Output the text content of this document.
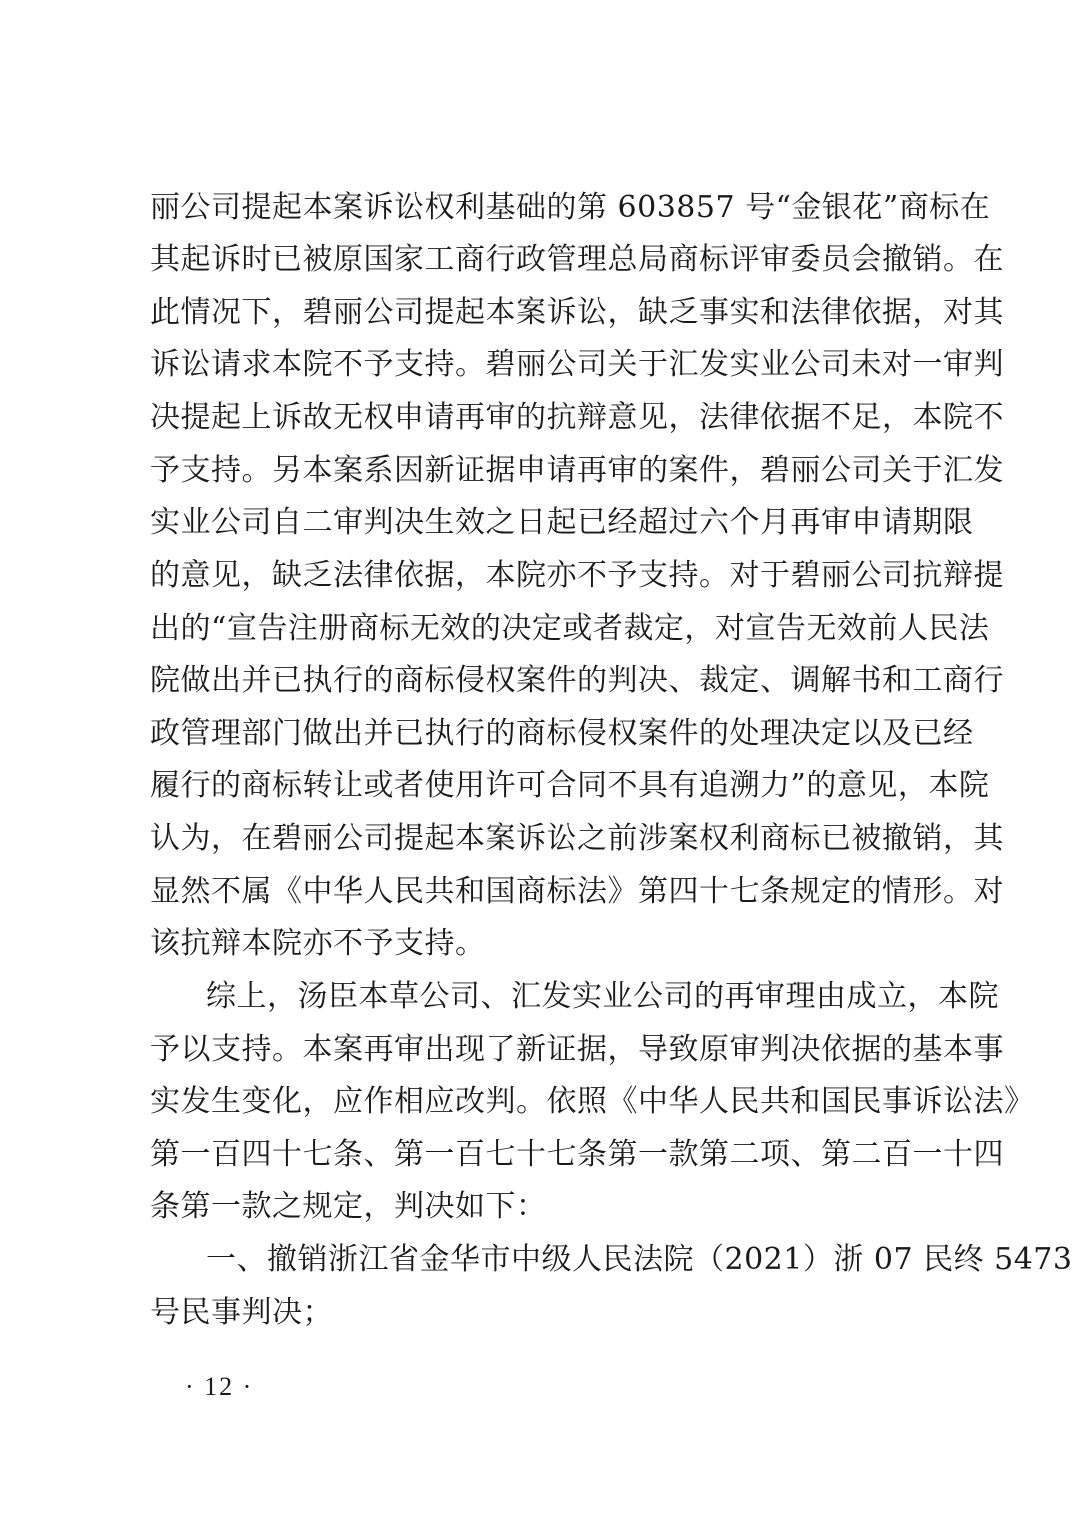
丽公司提起本案诉讼权利基础的第 603857 号“金银花”商标在
其起诉时已被原国家工商行政管理总局商标评审委员会撤销。在
此情况下，碧丽公司提起本案诉讼，缺乏事实和法律依据，对其
诉讼请求本院不予支持。碧丽公司关于汇发实业公司未对一审判
决提起上诉故无权申请再审的抗辩意见，法律依据不足，本院不
予支持。另本案系因新证据申请再审的案件，碧丽公司关于汇发
实业公司自二审判决生效之日起已经超过六个月再审申请期限
的意见，缺乏法律依据，本院亦不予支持。对于碧丽公司抗辩提
出的“宣告注册商标无效的决定或者裁定，对宣告无效前人民法
院做出并已执行的商标侵权案件的判决、裁定、调解书和工商行
政管理部门做出并已执行的商标侵权案件的处理决定以及已经
履行的商标转让或者使用许可合同不具有追溯力”的意见，本院
认为，在碧丽公司提起本案诉讼之前涉案权利商标已被撤销，其
显然不属《中华人民共和国商标法》第四十七条规定的情形。对
该抗辩本院亦不予支持。
综上，汤臣本草公司、汇发实业公司的再审理由成立，本院
予以支持。本案再审出现了新证据，导致原审判决依据的基本事
实发生变化，应作相应改判。依照《中华人民共和国民事诉讼法》
第一百四十七条、第一百七十七条第一款第二项、第二百一十四
条第一款之规定，判决如下：
一、撤销浙江省金华市中级人民法院（2021）浙 07 民终 5473
号民事判决；
· 12 ·
